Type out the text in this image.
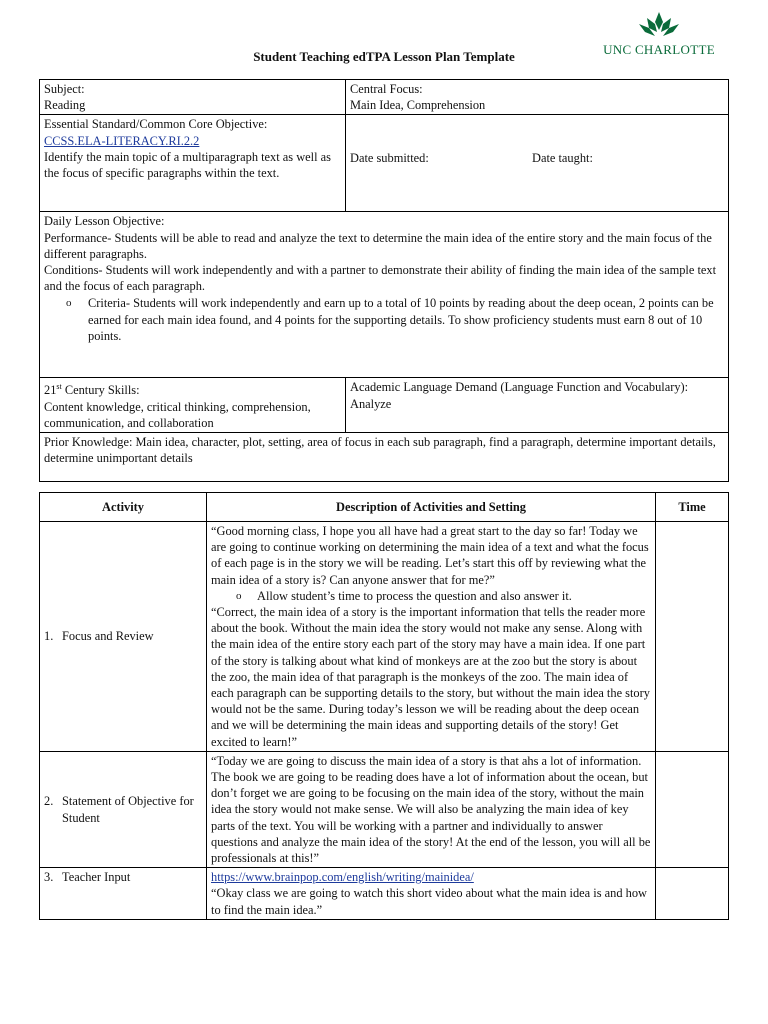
UNC CHARLOTTE
Student Teaching edTPA Lesson Plan Template
Subject:
Reading	Central Focus:
Main Idea, Comprehension

Essential Standard/Common Core Objective:
CCSS.ELA-LITERACY.RI.2.2
Identify the main topic of a multiparagraph text as well as the focus of specific paragraphs within the text.	Date submitted: Date taught:

Daily Lesson Objective:
Performance- Students will be able to read and analyze the text to determine the main idea of the entire story and the main focus of the different paragraphs.
Conditions- Students will work independently and with a partner to demonstrate their ability of finding the main idea of the sample text and the focus of each paragraph.
o Criteria- Students will work independently and earn up to a total of 10 points by reading about the deep ocean, 2 points can be earned for each main idea found, and 4 points for the supporting details. To show proficiency students must earn 8 out of 10 points.

21st Century Skills:
Content knowledge, critical thinking, comprehension, communication, and collaboration	Academic Language Demand (Language Function and Vocabulary):
Analyze

Prior Knowledge: Main idea, character, plot, setting, area of focus in each sub paragraph, find a paragraph, determine important details, determine unimportant details	
Activity	Description of Activities and Setting	Time

1. Focus and Review	“Good morning class, I hope you all have had a great start to the day so far! Today we are going to continue working on determining the main idea of a text and what the focus of each page is in the story we will be reading. Let’s start this off by reviewing what the main idea of a story is? Can anyone answer that for me?”
o Allow student’s time to process the question and also answer it.
“Correct, the main idea of a story is the important information that tells the reader more about the book. Without the main idea the story would not make any sense. Along with the main idea of the entire story each part of the story may have a main idea. If one part of the story is talking about what kind of monkeys are at the zoo but the story is about the zoo, the main idea of that paragraph is the monkeys of the zoo. The main idea of each paragraph can be supporting details to the story, but without the main idea the story would not be the same. During today’s lesson we will be reading about the deep ocean and we will be determining the main ideas and supporting details of the story! Get excited to learn!”

2. Statement of Objective for Student	“Today we are going to discuss the main idea of a story is that ahs a lot of information. The book we are going to be reading does have a lot of information about the ocean, but don’t forget we are going to be focusing on the main idea of the story, without the main idea the story would not make sense. We will also be analyzing the main idea of key parts of the text. You will be working with a partner and individually to answer questions and analyze the main idea of the story! At the end of the lesson, you will all be professionals at this!”	

3. Teacher Input	https://www.brainpop.com/english/writing/mainidea/
“Okay class we are going to watch this short video about what the main idea is and how to find the main idea.”	
